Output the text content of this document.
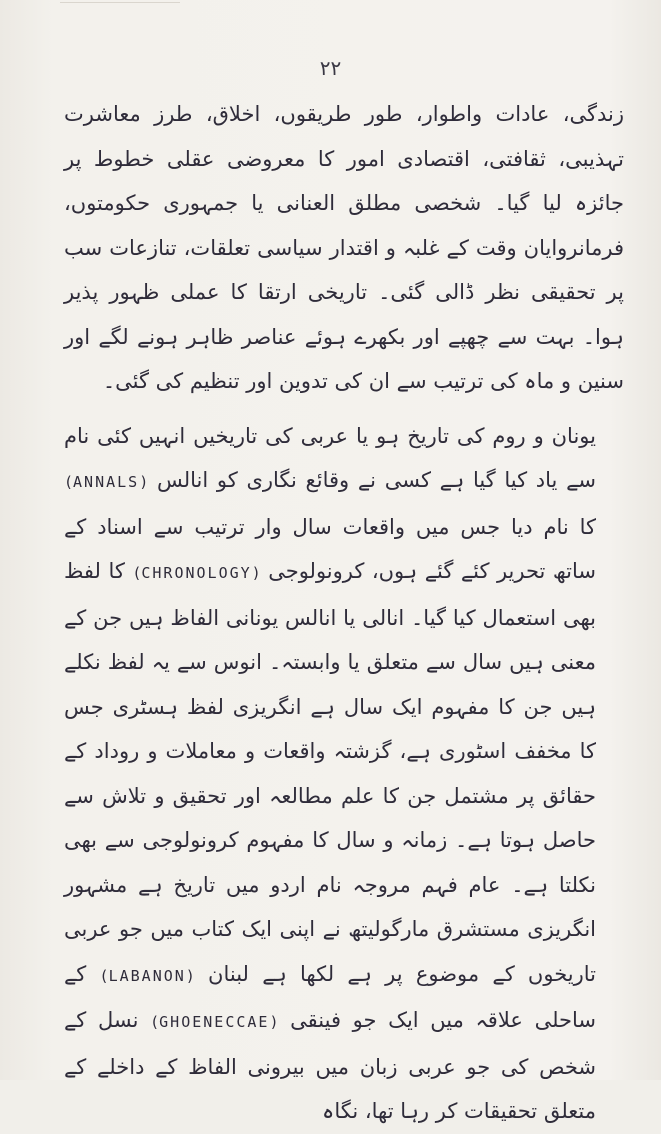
۲۲

زندگی، عادات واطوار، طور طریقوں، اخلاق، طرز معاشرت تہذیبی، ثقافتی، اقتصادی امور کا معروضی عقلی خطوط پر جائزہ لیا گیا۔ شخصی مطلق العنانی یا جمہوری حکومتوں، فرمانروایان وقت کے غلبہ و اقتدار سیاسی تعلقات، تنازعات سب پر تحقیقی نظر ڈالی گئی۔ تاریخی ارتقا کا عملی ظہور پذیر ہوا۔ بہت سے چھپے اور بکھرے ہوئے عناصر ظاہر ہونے لگے اور سنین و ماہ کی ترتیب سے ان کی تدوین اور تنظیم کی گئی۔

یونان و روم کی تاریخ ہو یا عربی کی تاریخیں انہیں کئی نام سے یاد کیا گیا ہے کسی نے وقائع نگاری کو انالس (ANNALS) کا نام دیا جس میں واقعات سال وار ترتیب سے اسناد کے ساتھ تحریر کئے گئے ہوں، کرونولوجی (CHRONOLOGY) کا لفظ بھی استعمال کیا گیا۔ انالی یا انالس یونانی الفاظ ہیں جن کے معنی ہیں سال سے متعلق یا وابستہ۔ انوس سے یہ لفظ نکلے ہیں جن کا مفہوم ایک سال ہے انگریزی لفظ ہسٹری جس کا مخفف اسٹوری ہے، گزشتہ واقعات و معاملات و روداد کے حقائق پر مشتمل جن کا علم مطالعہ اور تحقیق و تلاش سے حاصل ہوتا ہے۔ زمانہ و سال کا مفہوم کرونولوجی سے بھی نکلتا ہے۔ عام فہم مروجہ نام اردو میں تاریخ ہے مشہور انگریزی مستشرق مارگولیتھ نے اپنی ایک کتاب میں جو عربی تاریخوں کے موضوع پر ہے لکھا ہے لبنان (LABANON) کے ساحلی علاقہ میں ایک جو فینقی (GHOENECCAE) نسل کے شخص کی جو عربی زبان میں بیرونی الفاظ کے داخلے کے متعلق تحقیقات کر رہا تھا، نگاہ
